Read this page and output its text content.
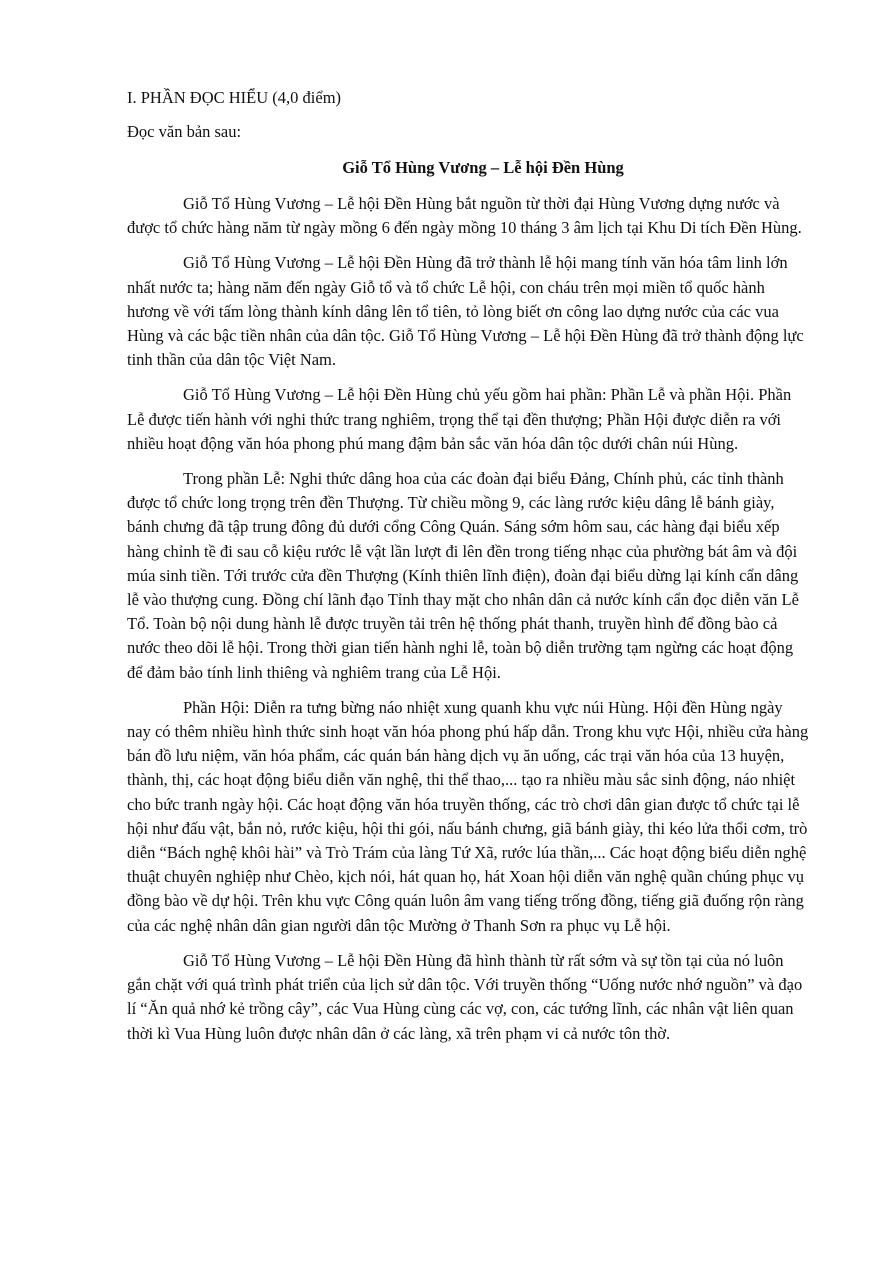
I. PHẦN ĐỌC HIỂU (4,0 điểm)

Đọc văn bản sau:

Giỗ Tổ Hùng Vương – Lễ hội Đền Hùng

Giỗ Tổ Hùng Vương – Lễ hội Đền Hùng bắt nguồn từ thời đại Hùng Vương dựng nước và được tổ chức hàng năm từ ngày mồng 6 đến ngày mồng 10 tháng 3 âm lịch tại Khu Di tích Đền Hùng.

Giỗ Tổ Hùng Vương – Lễ hội Đền Hùng đã trở thành lễ hội mang tính văn hóa tâm linh lớn nhất nước ta; hàng năm đến ngày Giỗ tổ và tổ chức Lễ hội, con cháu trên mọi miền tổ quốc hành hương về với tấm lòng thành kính dâng lên tổ tiên, tỏ lòng biết ơn công lao dựng nước của các vua Hùng và các bậc tiền nhân của dân tộc. Giỗ Tổ Hùng Vương – Lễ hội Đền Hùng đã trở thành động lực tinh thần của dân tộc Việt Nam.

Giỗ Tổ Hùng Vương – Lễ hội Đền Hùng chủ yếu gồm hai phần: Phần Lễ và phần Hội. Phần Lễ được tiến hành với nghi thức trang nghiêm, trọng thể tại đền thượng; Phần Hội được diễn ra với nhiều hoạt động văn hóa phong phú mang đậm bản sắc văn hóa dân tộc dưới chân núi Hùng.

Trong phần Lễ: Nghi thức dâng hoa của các đoàn đại biểu Đảng, Chính phủ, các tỉnh thành được tổ chức long trọng trên đền Thượng. Từ chiều mồng 9, các làng rước kiệu dâng lễ bánh giày, bánh chưng đã tập trung đông đủ dưới cổng Công Quán. Sáng sớm hôm sau, các hàng đại biểu xếp hàng chỉnh tề đi sau cỗ kiệu rước lễ vật lần lượt đi lên đền trong tiếng nhạc của phường bát âm và đội múa sinh tiền. Tới trước cửa đền Thượng (Kính thiên lĩnh điện), đoàn đại biểu dừng lại kính cẩn dâng lễ vào thượng cung. Đồng chí lãnh đạo Tỉnh thay mặt cho nhân dân cả nước kính cẩn đọc diễn văn Lễ Tổ. Toàn bộ nội dung hành lễ được truyền tải trên hệ thống phát thanh, truyền hình để đồng bào cả nước theo dõi lễ hội. Trong thời gian tiến hành nghi lễ, toàn bộ diễn trường tạm ngừng các hoạt động để đảm bảo tính linh thiêng và nghiêm trang của Lễ Hội.

Phần Hội: Diễn ra tưng bừng náo nhiệt xung quanh khu vực núi Hùng. Hội đền Hùng ngày nay có thêm nhiều hình thức sinh hoạt văn hóa phong phú hấp dẫn. Trong khu vực Hội, nhiều cửa hàng bán đồ lưu niệm, văn hóa phẩm, các quán bán hàng dịch vụ ăn uống, các trại văn hóa của 13 huyện, thành, thị, các hoạt động biểu diễn văn nghệ, thi thể thao,... tạo ra nhiều màu sắc sinh động, náo nhiệt cho bức tranh ngày hội. Các hoạt động văn hóa truyền thống, các trò chơi dân gian được tổ chức tại lễ hội như đấu vật, bắn nỏ, rước kiệu, hội thi gói, nấu bánh chưng, giã bánh giày, thi kéo lửa thổi cơm, trò diễn “Bách nghệ khôi hài” và Trò Trám của làng Tứ Xã, rước lúa thần,... Các hoạt động biểu diễn nghệ thuật chuyên nghiệp như Chèo, kịch nói, hát quan họ, hát Xoan hội diễn văn nghệ quần chúng phục vụ đồng bào về dự hội. Trên khu vực Công quán luôn âm vang tiếng trống đồng, tiếng giã đuống rộn ràng của các nghệ nhân dân gian người dân tộc Mường ở Thanh Sơn ra phục vụ Lễ hội.

Giỗ Tổ Hùng Vương – Lễ hội Đền Hùng đã hình thành từ rất sớm và sự tồn tại của nó luôn gắn chặt với quá trình phát triển của lịch sử dân tộc. Với truyền thống “Uống nước nhớ nguồn” và đạo lí “Ăn quả nhớ kẻ trồng cây”, các Vua Hùng cùng các vợ, con, các tướng lĩnh, các nhân vật liên quan thời kì Vua Hùng luôn được nhân dân ở các làng, xã trên phạm vi cả nước tôn thờ.
